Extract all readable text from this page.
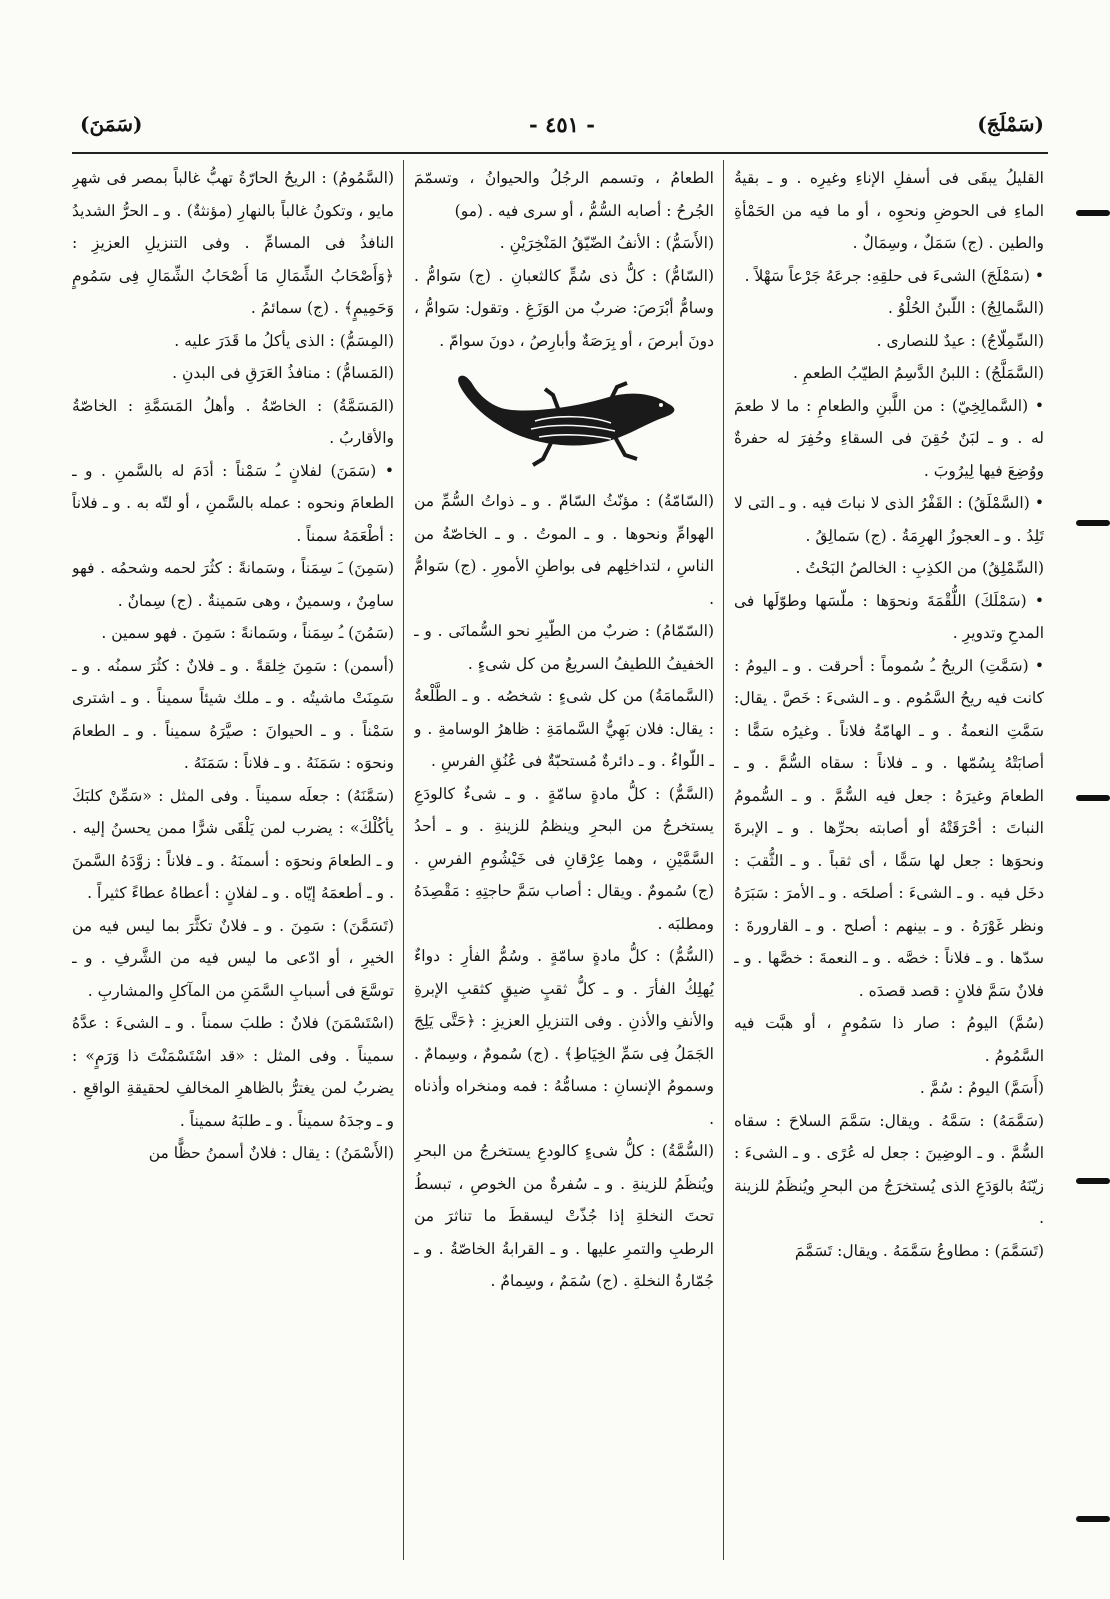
(سَمْلَجَ)
- ٤٥١ -
(سَمَنَ)

القليلُ يبقَى فى أسفلِ الإناءِ وغيرِه . و ـ بقيةُ الماءِ فى الحوضِ ونحوِه ، أو ما فيه من الحَمْأةِ والطين . (ج) سَمَلٌ ، وسِمَالٌ .

• (سَمْلَجَ) الشىءَ فى حلقِهِ: جرعَهُ جَرْعاً سَهْلاً .

(السَّمالِجُ) : اللّبنُ الحُلْوُ .

(السِّمِلّاجُ) : عيدٌ للنصارى .

(السَّمَلَّجُ) : اللبنُ الدَّسِمُ الطيّبُ الطعمِ .

• (السَّمالِخِيّ) : من اللَّبنِ والطعامِ : ما لا طعمَ له . و ـ لبَنٌ حُقِنَ فى السقاءِ وحُفِرَ له حفرةٌ ووُضِعَ فيها لِيرُوبَ .

• (السَّمْلَقُ) : القَفْرُ الذى لا نباتَ فيه . و ـ التى لا تَلِدُ . و ـ العجوزُ الهرِمَةُ . (ج) سَمالِقُ .

(السِّمْلِقُ) من الكذِبِ : الخالصُ البَحْتُ .

• (سَمْلَكَ) اللُّقْمَةَ ونحوَها : ملّسَها وطوّلَها فى المدحِ وتدويرِ .

• (سَمَّتِ) الريحُ ـُ سُموماً : أحرقت . و ـ اليومُ : كانت فيه ريحُ السَّمُوم . و ـ الشىءَ : خَصَّ . يقال: سَمَّتِ النعمةُ . و ـ الهامّةُ فلاناً . وغيرُه سَمًّا : أصابَتْهُ بِسُمّها . و ـ فلاناً : سقاه السُّمَّ . و ـ الطعامَ وغيرَهُ : جعل فيه السُّمَّ . و ـ السُّمومُ النباتَ : أحْرَقَتْهُ أو أصابته بحرِّها . و ـ الإبرةَ ونحوَها : جعل لها سَمًّا ، أى ثقباً . و ـ الثُّقبَ : دخَل فيه . و ـ الشىءَ : أصلحَه . و ـ الأمرَ : سَبَرَهُ ونظر غَوْرَهُ . و ـ بينهم : أصلح . و ـ القارورةَ : سدّها . و ـ فلاناً : خصَّه . و ـ النعمةَ : خصَّها . و ـ فلانٌ سَمَّ فلانٍ : قصد قصدَه .

(سُمَّ) اليومُ : صار ذا سَمُومٍ ، أو هبَّت فيه السَّمُومُ .

(أَسَمَّ) اليومُ : سُمَّ .

(سَمَّمَهُ) : سَمَّهُ . ويقال: سَمَّمَ السلاحَ : سقاه السُّمَّ . و ـ الوضِينَ : جعل له عُرًى . و ـ الشىءَ : زيّنَهُ بالوَدَعِ الذى يُستخرَجُ من البحرِ ويُنظَمُ للزينة .

(تَسَمَّمَ) : مطاوعُ سَمَّمَهُ . ويقال: تَسَمَّمَ

الطعامُ ، وتسمم الرجُلُ والحيوانُ ، وتسمّمَ الجُرحُ : أصابه السُّمُّ ، أو سرى فيه . (مو)

(الأَسَمُّ) : الأنفُ الضّيّقُ المَنْخِرَيْنِ .

(السّامُّ) : كلُّ ذى سُمٍّ كالثعبانِ . (ج) سَوامُّ . وسامُّ أبْرَصَ: ضربٌ من الوَزَغِ . وتقول: سَوامُّ ، دونَ أبرصَ ، أو بِرَصَةٌ وأبارِصُ ، دونَ سوامّ .

(السّامّةُ) : مؤنّثُ السّامّ . و ـ ذواتُ السُّمِّ من الهوامِّ ونحوها . و ـ الموتُ . و ـ الخاصّةُ من الناسِ ، لتداخلِهم فى بواطنِ الأمورِ . (ج) سَوامُّ .

(السّمّامُ) : ضربٌ من الطّيرِ نحو السُّمانَى . و ـ الخفيفُ اللطيفُ السريعُ من كل شىءٍ .

(السَّمامَةُ) من كل شىءٍ : شخصُه . و ـ الطَّلْعةُ : يقال: فلان بَهِيُّ السَّمامَةِ : ظاهرُ الوسامةِ . و ـ اللّواءُ . و ـ دائرةٌ مُستحبّةٌ فى عُنُقِ الفرسِ .

(السَّمُّ) : كلُّ مادةٍ سامّةٍ . و ـ شىءٌ كالودَعِ يستخرجُ من البحرِ وينظمُ للزينةِ . و ـ أحدُ السَّمَّيْنِ ، وهما عِرْقانِ فى خَيْشُومِ الفرسِ . (ج) سُمومٌ . ويقال : أصاب سَمَّ حاجتِهِ : مَقْصِدَهُ ومطلبَه .

(السُّمُّ) : كلُّ مادةٍ سامّةٍ . وسُمُّ الفأرِ : دواءٌ يُهلِكُ الفأرَ . و ـ كلُّ ثقبٍ ضيقٍ كثقبِ الإبرةِ والأنفِ والأذنِ . وفى التنزيلِ العزيزِ : ﴿حَتَّى يَلِجَ الجَمَلُ فِى سَمِّ الخِيَاطِ﴾ . (ج) سُمومٌ ، وسِمامٌ . وسمومُ الإنسانِ : مسامُّهُ : فمه ومنخراه وأذناه .

(السُّمَّةُ) : كلُّ شىءٍ كالودعِ يستخرجُ من البحرِ ويُنظَمُ للزينةِ . و ـ سُفرةٌ من الخوصِ ، تبسطُ تحتَ النخلةِ إذا جُذّتْ ليسقطَ ما تناثرَ من الرطبِ والتمرِ عليها . و ـ القرابةُ الخاصّةُ . و ـ جُمّارةُ النخلةِ . (ج) سُمَمٌ ، وسِمامٌ .

(السَّمُومُ) : الريحُ الحارّةُ تهبُّ غالباً بمصر فى شهرِ مايو ، وتكونُ غالباً بالنهارِ (مؤنثةٌ) . و ـ الحرُّ الشديدُ النافذُ فى المسامِّ . وفى التنزيلِ العزيزِ : ﴿وَأَصْحَابُ الشِّمَالِ مَا أَصْحَابُ الشِّمَالِ فِى سَمُومٍ وَحَمِيمٍ﴾ . (ج) سمائمُ .

(المِسَمُّ) : الذى يأكلُ ما قَدَرَ عليه .

(المَسامُّ) : منافذُ العَرَقِ فى البدنِ .

(المَسَمَّةُ) : الخاصّةُ . وأهلُ المَسَمَّةِ : الخاصّةُ والأقاربُ .

• (سَمَنَ) لفلانٍ ـُ سَمْناً : أدَمَ له بالسَّمنِ . و ـ الطعامَ ونحوه : عمله بالسَّمنِ ، أو لتّه به . و ـ فلاناً : أطْعَمَهُ سمناً .

(سَمِنَ) ـَ سِمَناً ، وسَمانةً : كثُرَ لحمه وشحمُه . فهو سامِنٌ ، وسمينٌ ، وهى سَمينةٌ . (ج) سِمانٌ .

(سَمُنَ) ـُ سِمَناً ، وسَمانةً : سَمِنَ . فهو سمين .

(أسمن) : سَمِنَ خِلقةً . و ـ فلانٌ : كثُرَ سمنُه . و ـ سَمِنَتْ ماشيتُه . و ـ ملك شيئاً سميناً . و ـ اشترى سَمْناً . و ـ الحيوانَ : صيَّرَهُ سميناً . و ـ الطعامَ ونحوَه : سَمَنَهُ . و ـ فلاناً : سَمَنَهُ .

(سَمَّنَهُ) : جعلَه سميناً . وفى المثل : «سَمِّنْ كلبَكَ يأكُلْكَ» : يضرب لمن يَلْقَى شرًّا ممن يحسنُ إليه . و ـ الطعامَ ونحوَه : أسمنَهُ . و ـ فلاناً : زوَّدَهُ السَّمنَ . و ـ أطعمَهُ إيّاه . و ـ لفلانٍ : أعطاهُ عطاءً كثيراً .

(تَسَمَّنَ) : سَمِنَ . و ـ فلانٌ تكثَّرَ بما ليس فيه من الخيرِ ، أو ادّعى ما ليس فيه من الشَّرفِ . و ـ توسَّعَ فى أسبابِ السَّمَنِ من المآكلِ والمشاربِ .

(اسْتَسْمَنَ) فلانٌ : طلبَ سمناً . و ـ الشىءَ : عدَّهُ سميناً . وفى المثل : «قد اسْتَسْمَنْتَ ذا وَرَمٍ» : يضربُ لمن يغترُّ بالظاهرِ المخالفِ لحقيقةِ الواقعِ . و ـ وجدَهُ سميناً . و ـ طلبَهُ سميناً .

(الأَسْمَنُ) : يقال : فلانٌ أسمنُ حظًّا من
